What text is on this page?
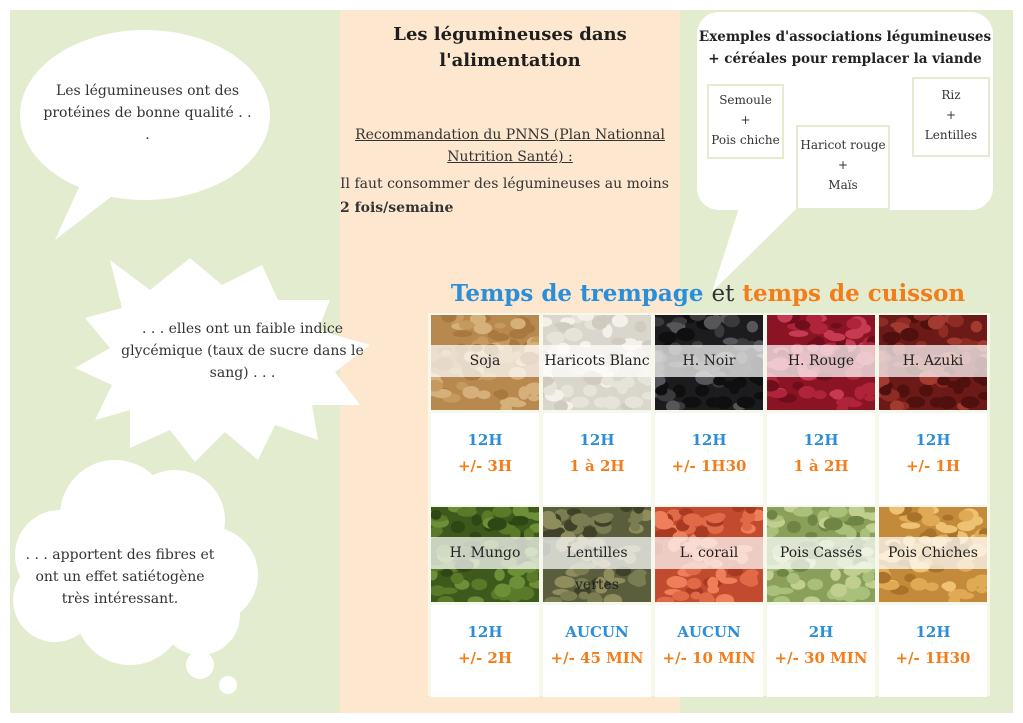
Les légumineuses ont des protéines de bonne qualité . . .
. . . elles ont un faible indice glycémique (taux de sucre dans le sang) . . .
. . . apportent des fibres et ont un effet satiétogène très intéressant.
Les légumineuses dans l'alimentation
Recommandation du PNNS (Plan Nationnal Nutrition Santé) :
Il faut consommer des légumineuses au moins
2 fois/semaine
Exemples d'associations légumineuses + céréales pour remplacer la viande
Semoule
+
Pois chiche Haricot rouge
+
Maïs
Riz
+
Lentilles
Temps de trempage et temps de cuisson
Soja
12H
+/- 3H
Haricots Blanc
12H
1 à 2H
H. Noir
12H
+/- 1H30
H. Rouge
12H
1 à 2H
H. Azuki
12H
+/- 1H
H. Mungo
12H
+/- 2H
Lentilles vertes
AUCUN
+/- 45 MIN
L. corail
AUCUN
+/- 10 MIN
Pois Cassés
2H
+/- 30 MIN
Pois Chiches
12H
+/- 1H30
